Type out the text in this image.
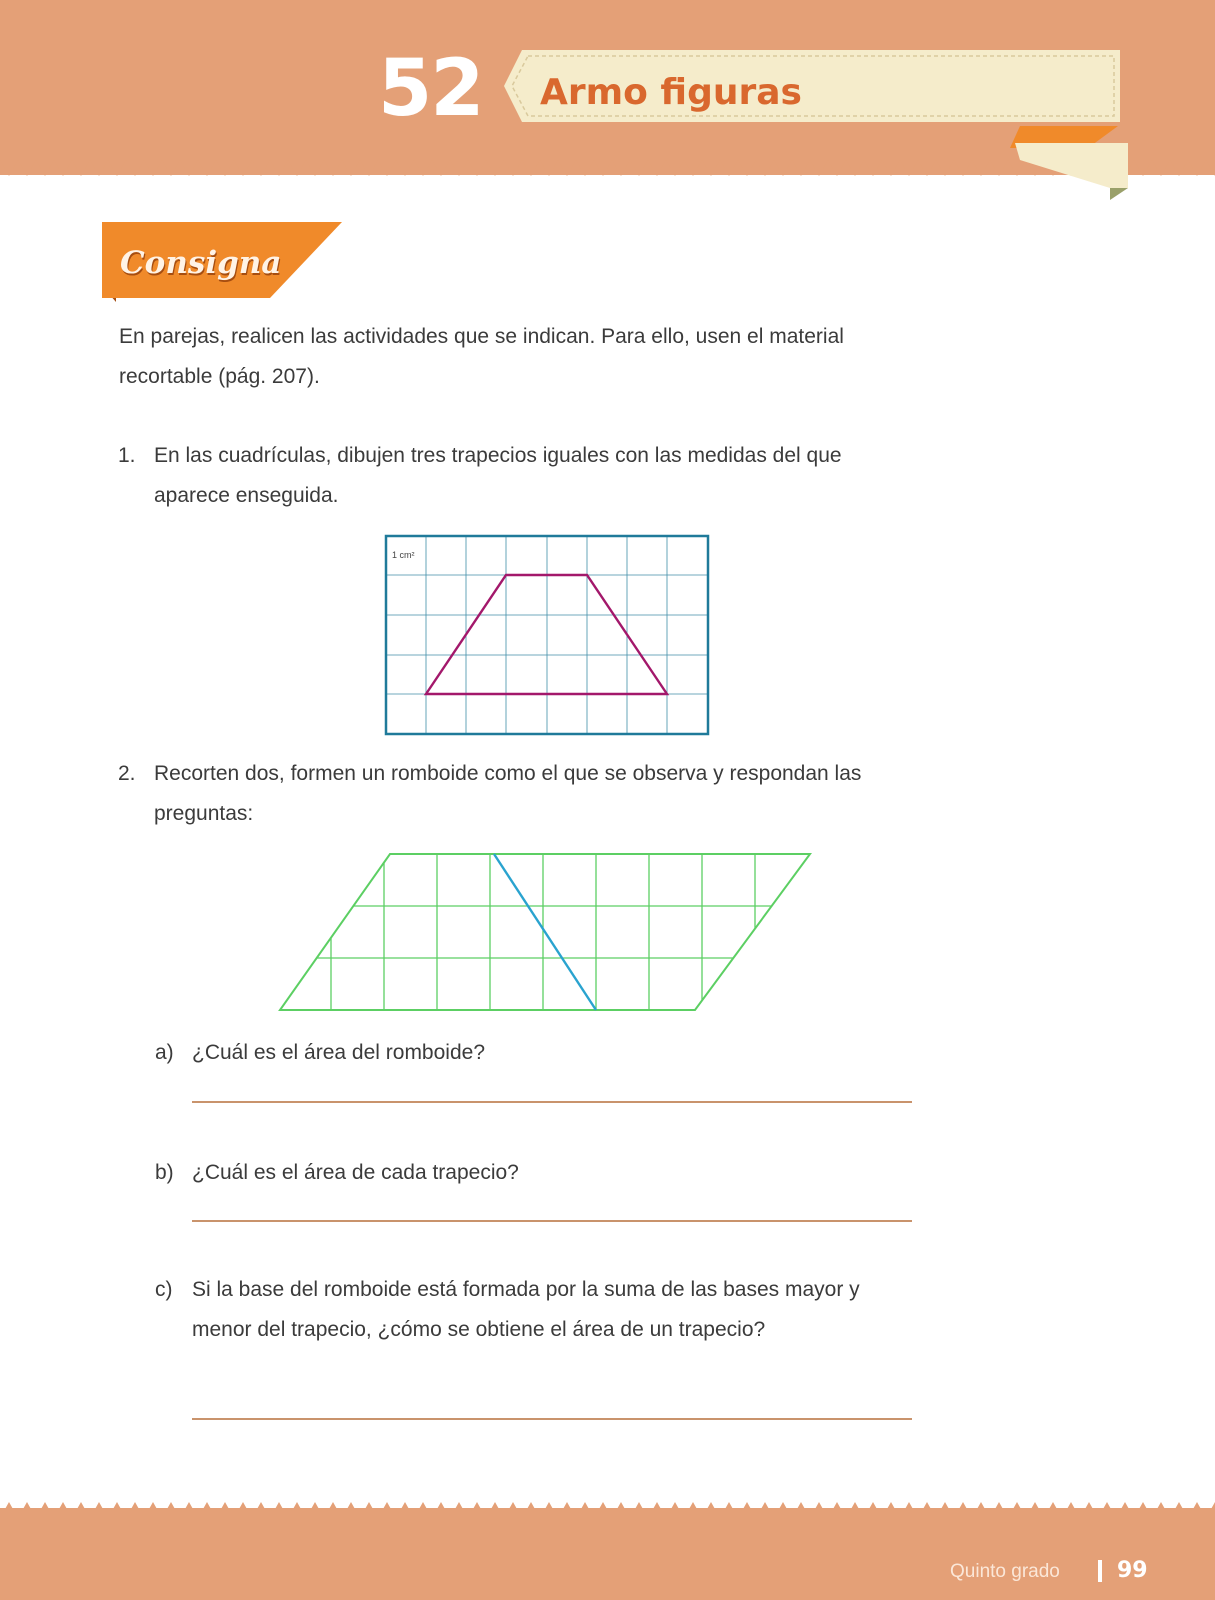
52 Armo figuras
Consigna
En parejas, realicen las actividades que se indican. Para ello, usen el material recortable (pág. 207).
1. En las cuadrículas, dibujen tres trapecios iguales con las medidas del que aparece enseguida.
1 cm²
2. Recorten dos, formen un romboide como el que se observa y respondan las preguntas:
a) ¿Cuál es el área del romboide?
b) ¿Cuál es el área de cada trapecio?
c) Si la base del romboide está formada por la suma de las bases mayor y menor del trapecio, ¿cómo se obtiene el área de un trapecio?
Quinto grado	99
